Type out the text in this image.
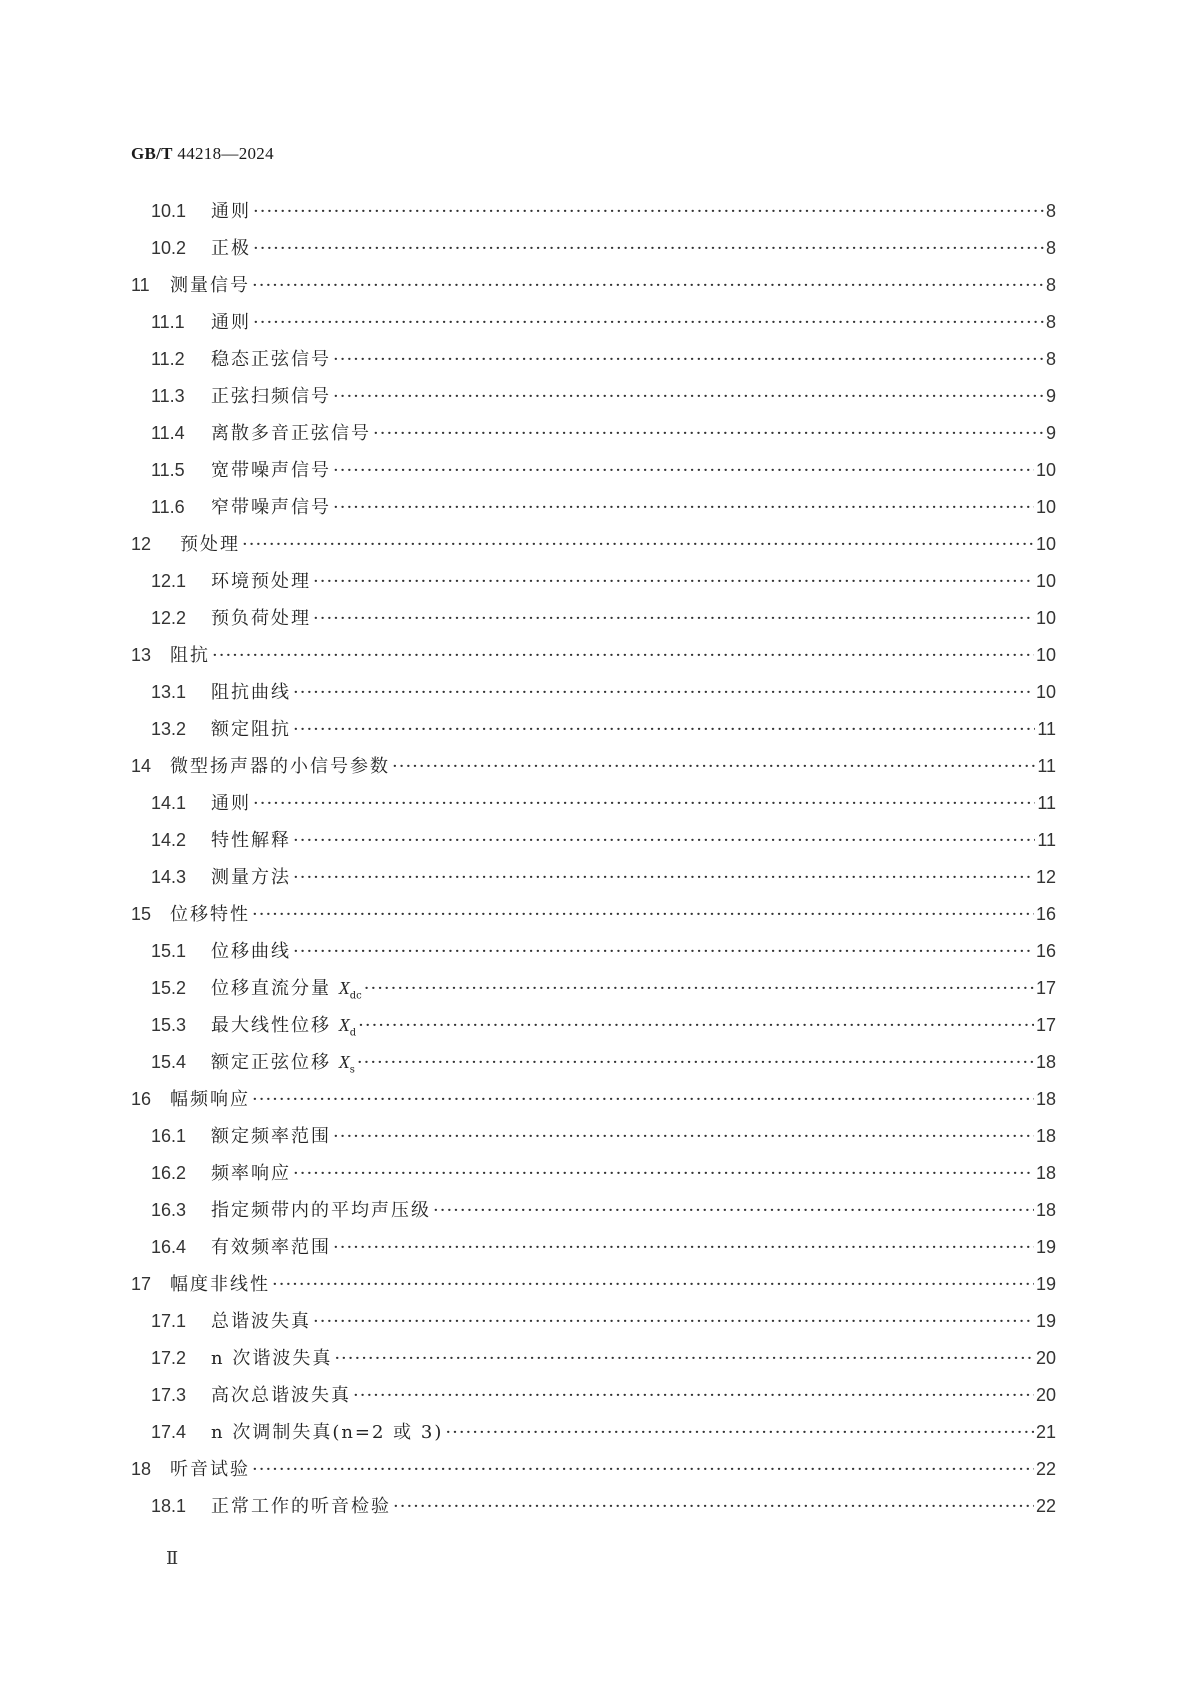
GB/T 44218—2024
10.1	通则 ·····	8
10.2	正极 ·····	8
11	测量信号 ·····	8
11.1	通则 ·····	8
11.2	稳态正弦信号 ·····	8
11.3	正弦扫频信号 ·····	9
11.4	离散多音正弦信号 ·····	9
11.5	宽带噪声信号 ·····	10
11.6	窄带噪声信号 ·····	10
12	预处理 ·····	10
12.1	环境预处理 ·····	10
12.2	预负荷处理 ·····	10
13	阻抗 ·····	10
13.1	阻抗曲线 ·····	10
13.2	额定阻抗 ·····	11
14	微型扬声器的小信号参数 ·····	11
14.1	通则 ·····	11
14.2	特性解释 ·····	11
14.3	测量方法 ·····	12
15	位移特性 ·····	16
15.1	位移曲线 ·····	16
15.2	位移直流分量 $X_{dc}$ ·····	17
15.3	最大线性位移 $X_d$ ·····	17
15.4	额定正弦位移 $X_s$ ·····	18
16	幅频响应 ·····	18
16.1	额定频率范围 ·····	18
16.2	频率响应 ·····	18
16.3	指定频带内的平均声压级 ·····	18
16.4	有效频率范围 ·····	19
17	幅度非线性 ·····	19
17.1	总谐波失真 ·····	19
17.2	n 次谐波失真 ·····	20
17.3	高次总谐波失真 ·····	20
17.4	n 次调制失真(n=2 或 3) ·····	21
18	听音试验 ·····	22
18.1	正常工作的听音检验 ·····	22
Ⅱ
